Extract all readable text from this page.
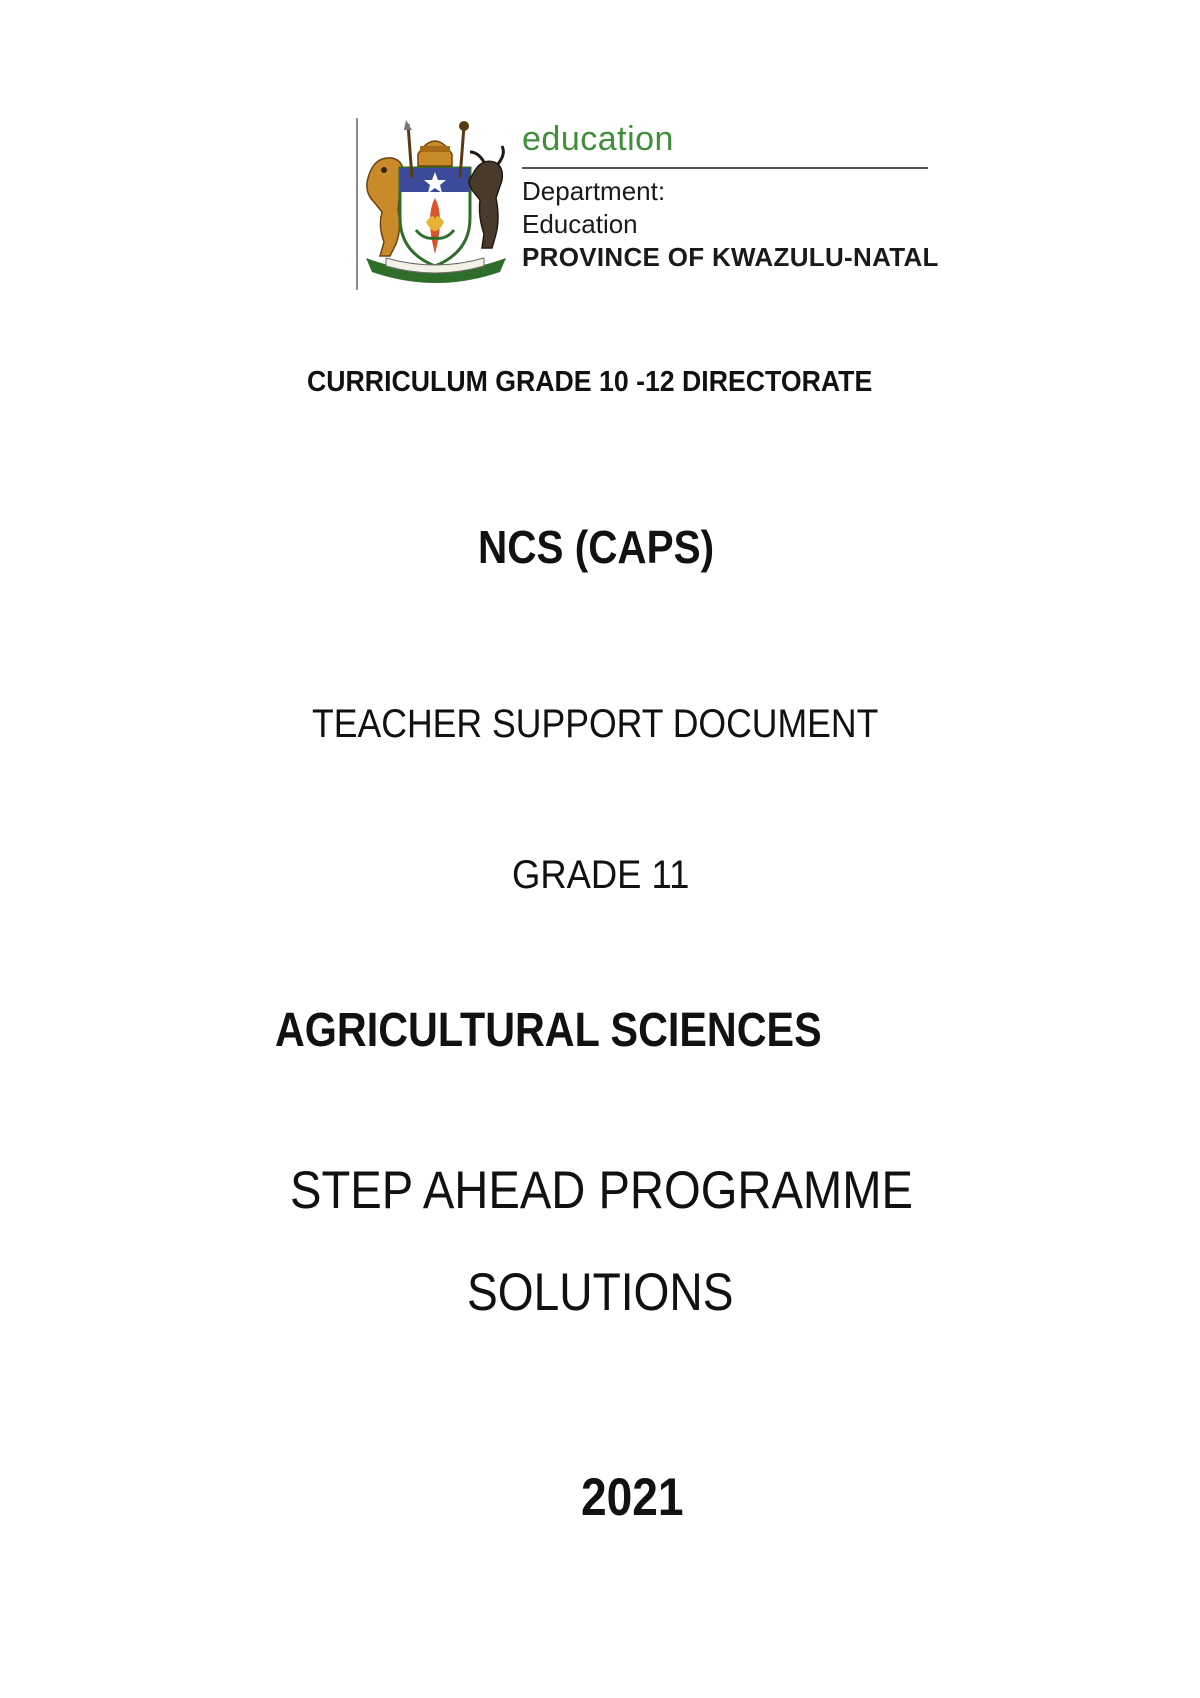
education
Department:
Education
PROVINCE OF KWAZULU-NATAL
CURRICULUM GRADE 10 -12 DIRECTORATE
NCS (CAPS)
TEACHER SUPPORT DOCUMENT
GRADE 11
AGRICULTURAL SCIENCES
STEP AHEAD PROGRAMME
SOLUTIONS
2021
